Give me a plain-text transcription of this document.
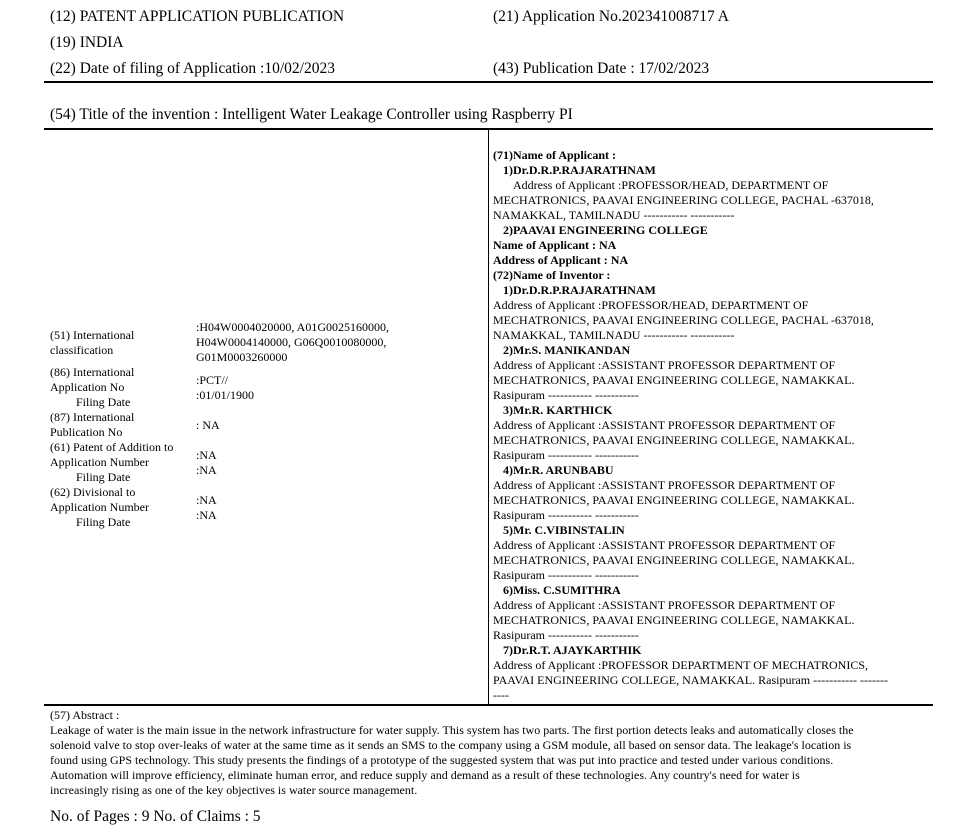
(12) PATENT APPLICATION PUBLICATION
(19) INDIA
(22) Date of filing of Application :10/02/2023
(21) Application No.202341008717 A
(43) Publication Date : 17/02/2023
(54) Title of the invention : Intelligent Water Leakage Controller using Raspberry PI
(51) International
classification
:H04W0004020000, A01G0025160000,
H04W0004140000, G06Q0010080000,
G01M0003260000
(86) International
Application No
Filing Date
:PCT//
:01/01/1900
(87) International
Publication No	: NA
(61) Patent of Addition to
Application Number
Filing Date
:NA
:NA
(62) Divisional to
Application Number
Filing Date
:NA
:NA
(71)Name of Applicant :
1)Dr.D.R.P.RAJARATHNAM
Address of Applicant :PROFESSOR/HEAD, DEPARTMENT OF
MECHATRONICS, PAAVAI ENGINEERING COLLEGE, PACHAL -637018,
NAMAKKAL, TAMILNADU ----------- -----------
2)PAAVAI ENGINEERING COLLEGE
Name of Applicant : NA
Address of Applicant : NA
(72)Name of Inventor :
1)Dr.D.R.P.RAJARATHNAM
Address of Applicant :PROFESSOR/HEAD, DEPARTMENT OF
MECHATRONICS, PAAVAI ENGINEERING COLLEGE, PACHAL -637018,
NAMAKKAL, TAMILNADU ----------- -----------
2)Mr.S. MANIKANDAN
Address of Applicant :ASSISTANT PROFESSOR DEPARTMENT OF
MECHATRONICS, PAAVAI ENGINEERING COLLEGE, NAMAKKAL.
Rasipuram ----------- -----------
3)Mr.R. KARTHICK
Address of Applicant :ASSISTANT PROFESSOR DEPARTMENT OF
MECHATRONICS, PAAVAI ENGINEERING COLLEGE, NAMAKKAL.
Rasipuram ----------- -----------
4)Mr.R. ARUNBABU
Address of Applicant :ASSISTANT PROFESSOR DEPARTMENT OF
MECHATRONICS, PAAVAI ENGINEERING COLLEGE, NAMAKKAL.
Rasipuram ----------- -----------
5)Mr. C.VIBINSTALIN
Address of Applicant :ASSISTANT PROFESSOR DEPARTMENT OF
MECHATRONICS, PAAVAI ENGINEERING COLLEGE, NAMAKKAL.
Rasipuram ----------- -----------
6)Miss. C.SUMITHRA
Address of Applicant :ASSISTANT PROFESSOR DEPARTMENT OF
MECHATRONICS, PAAVAI ENGINEERING COLLEGE, NAMAKKAL.
Rasipuram ----------- -----------
7)Dr.R.T. AJAYKARTHIK
Address of Applicant :PROFESSOR DEPARTMENT OF MECHATRONICS,
PAAVAI ENGINEERING COLLEGE, NAMAKKAL. Rasipuram ----------- -------
----
(57) Abstract :
Leakage of water is the main issue in the network infrastructure for water supply. This system has two parts. The first portion detects leaks and automatically closes the
solenoid valve to stop over-leaks of water at the same time as it sends an SMS to the company using a GSM module, all based on sensor data. The leakage's location is
found using GPS technology. This study presents the findings of a prototype of the suggested system that was put into practice and tested under various conditions.
Automation will improve efficiency, eliminate human error, and reduce supply and demand as a result of these technologies. Any country's need for water is
increasingly rising as one of the key objectives is water source management.
No. of Pages : 9 No. of Claims : 5
